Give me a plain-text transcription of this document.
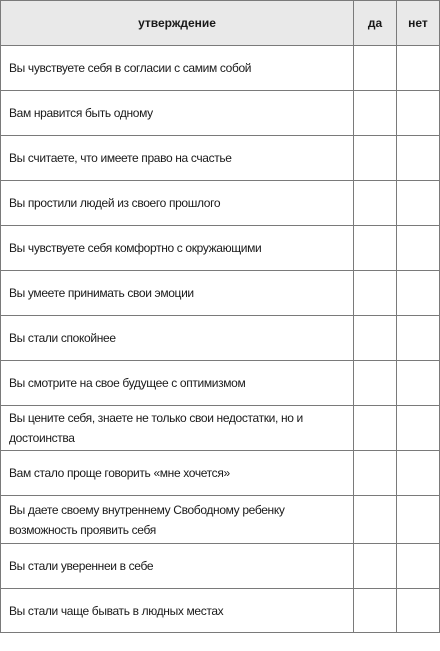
утверждение	да	нет
Вы чувствуете себя в согласии с самим собой		
Вам нравится быть одному		
Вы считаете, что имеете право на счастье		
Вы простили людей из своего прошлого		
Вы чувствуете себя комфортно с окружающими		
Вы умеете принимать свои эмоции		
Вы стали спокойнее		
Вы смотрите на свое будущее с оптимизмом		
Вы цените себя, знаете не только свои недостатки, но и достоинства		
Вам стало проще говорить «мне хочется»		
Вы даете своему внутреннему Свободному ребенку возможность проявить себя		
Вы стали увереннеи в себе		
Вы стали чаще бывать в людных местах		
